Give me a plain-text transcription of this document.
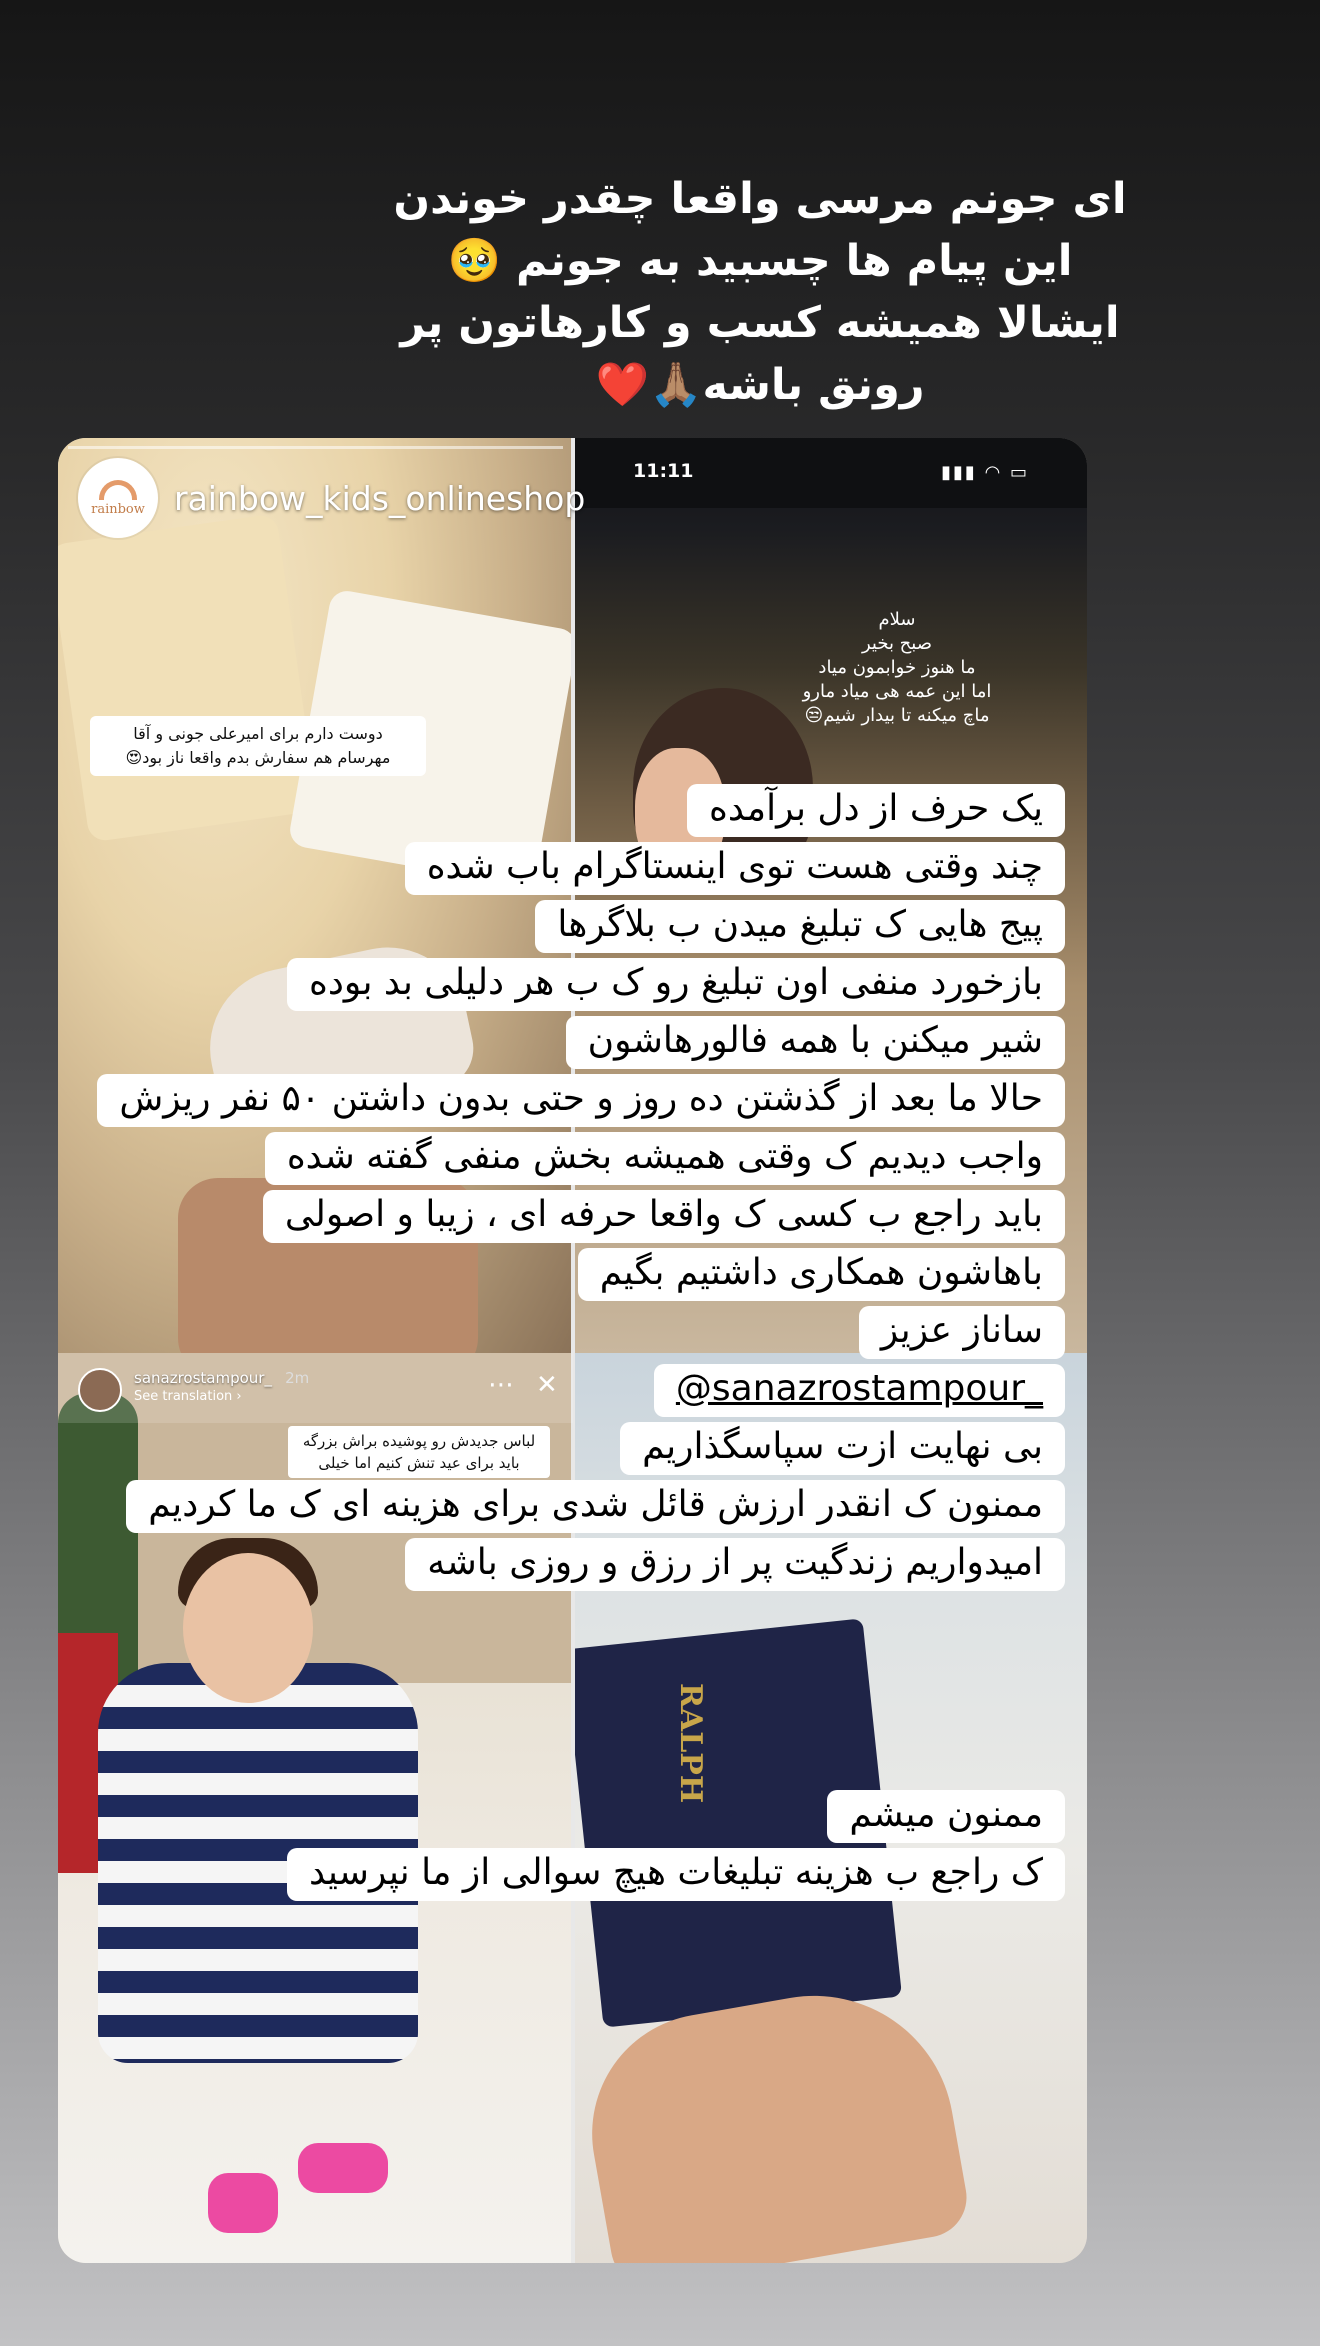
ای جونم مرسی واقعا چقدر خوندن
این پیام ها چسبید به جونم 🥹
ایشالا همیشه کسب و کارهاتون پر
رونق باشه🙏🏽❤️
دوست دارم برای امیرعلی جونی و آقا
مهرسام هم سفارش بدم واقعا ناز بود😍
11:11	▮▮▮ ◠ ▭
سلام
صبح بخیر
ما هنوز خوابمون میاد
اما این عمه هی میاد مارو
ماچ میکنه تا بیدار شیم😒
لباس جدیدش رو پوشیده براش بزرگه
باید برای عید تنش کنیم اما خیلی
RALPH
sanazrostampour_ 2m
See translation ›	⋯ ✕
rainbow rainbow_kids_onlineshop
یک حرف از دل برآمده
چند وقتی هست توی اینستاگرام باب شده
پیج هایی ک تبلیغ میدن ب بلاگرها
بازخورد منفی اون تبلیغ رو ک ب هر دلیلی بد بوده
شیر میکنن با همه فالورهاشون
حالا ما بعد از گذشتن ده روز و حتی بدون داشتن ۵۰ نفر ریزش
واجب دیدیم ک وقتی همیشه بخش منفی گفته شده
باید راجع ب کسی ک واقعا حرفه ای ، زیبا و اصولی
باهاشون همکاری داشتیم بگیم
ساناز عزیز
@sanazrostampour_
بی نهایت ازت سپاسگذاریم
ممنون ک انقدر ارزش قائل شدی برای هزینه ای ک ما کردیم
امیدواریم زندگیت پر از رزق و روزی باشه
ممنون میشم
ک راجع ب هزینه تبلیغات هیچ سوالی از ما نپرسید
